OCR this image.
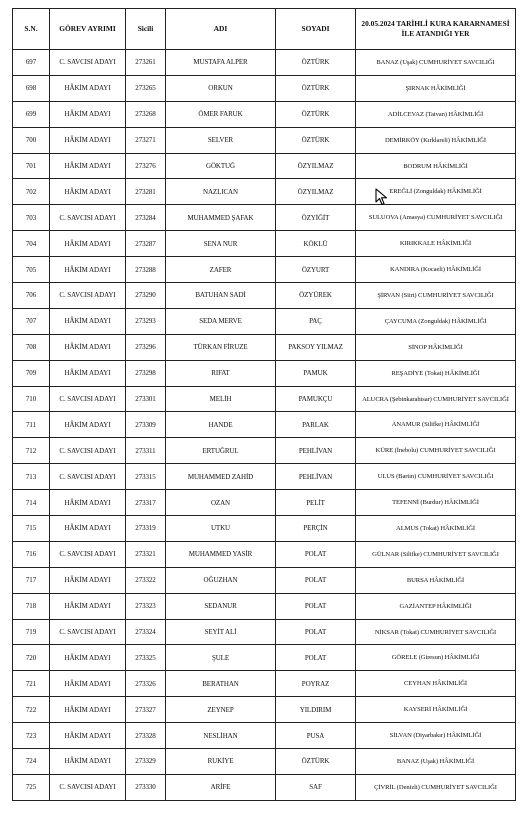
S.N.	GÖREV AYRIMI	Sicili	ADI	SOYADI	20.05.2024 TARİHLİ KURA KARARNAMESİ İLE ATANDIĞI YER
697	C. SAVCISI ADAYI	273261	MUSTAFA ALPER	ÖZTÜRK	BANAZ (Uşak) CUMHURİYET SAVCILIĞI
698	HÂKİM ADAYI	273265	ORKUN	ÖZTÜRK	ŞIRNAK HÂKİMLİĞİ
699	HÂKİM ADAYI	273268	ÖMER FARUK	ÖZTÜRK	ADİLCEVAZ (Tatvan) HÂKİMLİĞİ
700	HÂKİM ADAYI	273271	SELVER	ÖZTÜRK	DEMİRKÖY (Kırklareli) HÂKİMLİĞİ
701	HÂKİM ADAYI	273276	GÖKTUĞ	ÖZYILMAZ	BODRUM HÂKİMLİĞİ
702	HÂKİM ADAYI	273281	NAZLICAN	ÖZYILMAZ	EREĞLİ (Zonguldak) HÂKİMLİĞİ
703	C. SAVCISI ADAYI	273284	MUHAMMED ŞAFAK	ÖZYİĞİT	SULUOVA (Amasya) CUMHURİYET SAVCILIĞI
704	HÂKİM ADAYI	273287	SENA NUR	KÖKLÜ	KIRIKKALE HÂKİMLİĞİ
705	HÂKİM ADAYI	273288	ZAFER	ÖZYURT	KANDIRA (Kocaeli) HÂKİMLİĞİ
706	C. SAVCISI ADAYI	273290	BATUHAN SADİ	ÖZYÜREK	ŞİRVAN (Siirt) CUMHURİYET SAVCILIĞI
707	HÂKİM ADAYI	273293	SEDA MERVE	PAÇ	ÇAYCUMA (Zonguldak) HÂKİMLİĞİ
708	HÂKİM ADAYI	273296	TÜRKAN FİRUZE	PAKSOY YILMAZ	SİNOP HÂKİMLİĞİ
709	HÂKİM ADAYI	273298	RIFAT	PAMUK	REŞADİYE (Tokat) HÂKİMLİĞİ
710	C. SAVCISI ADAYI	273301	MELİH	PAMUKÇU	ALUCRA (Şebinkarahisar) CUMHURİYET SAVCILIĞI
711	HÂKİM ADAYI	273309	HANDE	PARLAK	ANAMUR (Silifke) HÂKİMLİĞİ
712	C. SAVCISI ADAYI	273311	ERTUĞRUL	PEHLİVAN	KÜRE (İnebolu) CUMHURİYET SAVCILIĞI
713	C. SAVCISI ADAYI	273315	MUHAMMED ZAHİD	PEHLİVAN	ULUS (Bartın) CUMHURİYET SAVCILIĞI
714	HÂKİM ADAYI	273317	OZAN	PELİT	TEFENNİ (Burdur) HÂKİMLİĞİ
715	HÂKİM ADAYI	273319	UTKU	PERÇİN	ALMUS (Tokat) HÂKİMLİĞİ
716	C. SAVCISI ADAYI	273321	MUHAMMED YASİR	POLAT	GÜLNAR (Silifke) CUMHURİYET SAVCILIĞI
717	HÂKİM ADAYI	273322	OĞUZHAN	POLAT	BURSA HÂKİMLİĞİ
718	HÂKİM ADAYI	273323	SEDANUR	POLAT	GAZİANTEP HÂKİMLİĞİ
719	C. SAVCISI ADAYI	273324	SEYİT ALİ	POLAT	NİKSAR (Tokat) CUMHURİYET SAVCILIĞI
720	HÂKİM ADAYI	273325	ŞULE	POLAT	GÖRELE (Giresun) HÂKİMLİĞİ
721	HÂKİM ADAYI	273326	BERATHAN	POYRAZ	CEYHAN HÂKİMLİĞİ
722	HÂKİM ADAYI	273327	ZEYNEP	YILDIRIM	KAYSERİ HÂKİMLİĞİ
723	HÂKİM ADAYI	273328	NESLİHAN	PUSA	SİLVAN (Diyarbakır) HÂKİMLİĞİ
724	HÂKİM ADAYI	273329	RUKİYE	ÖZTÜRK	BANAZ (Uşak) HÂKİMLİĞİ
725	C. SAVCISI ADAYI	273330	ARİFE	SAF	ÇİVRİL (Denizli) CUMHURİYET SAVCILIĞI
